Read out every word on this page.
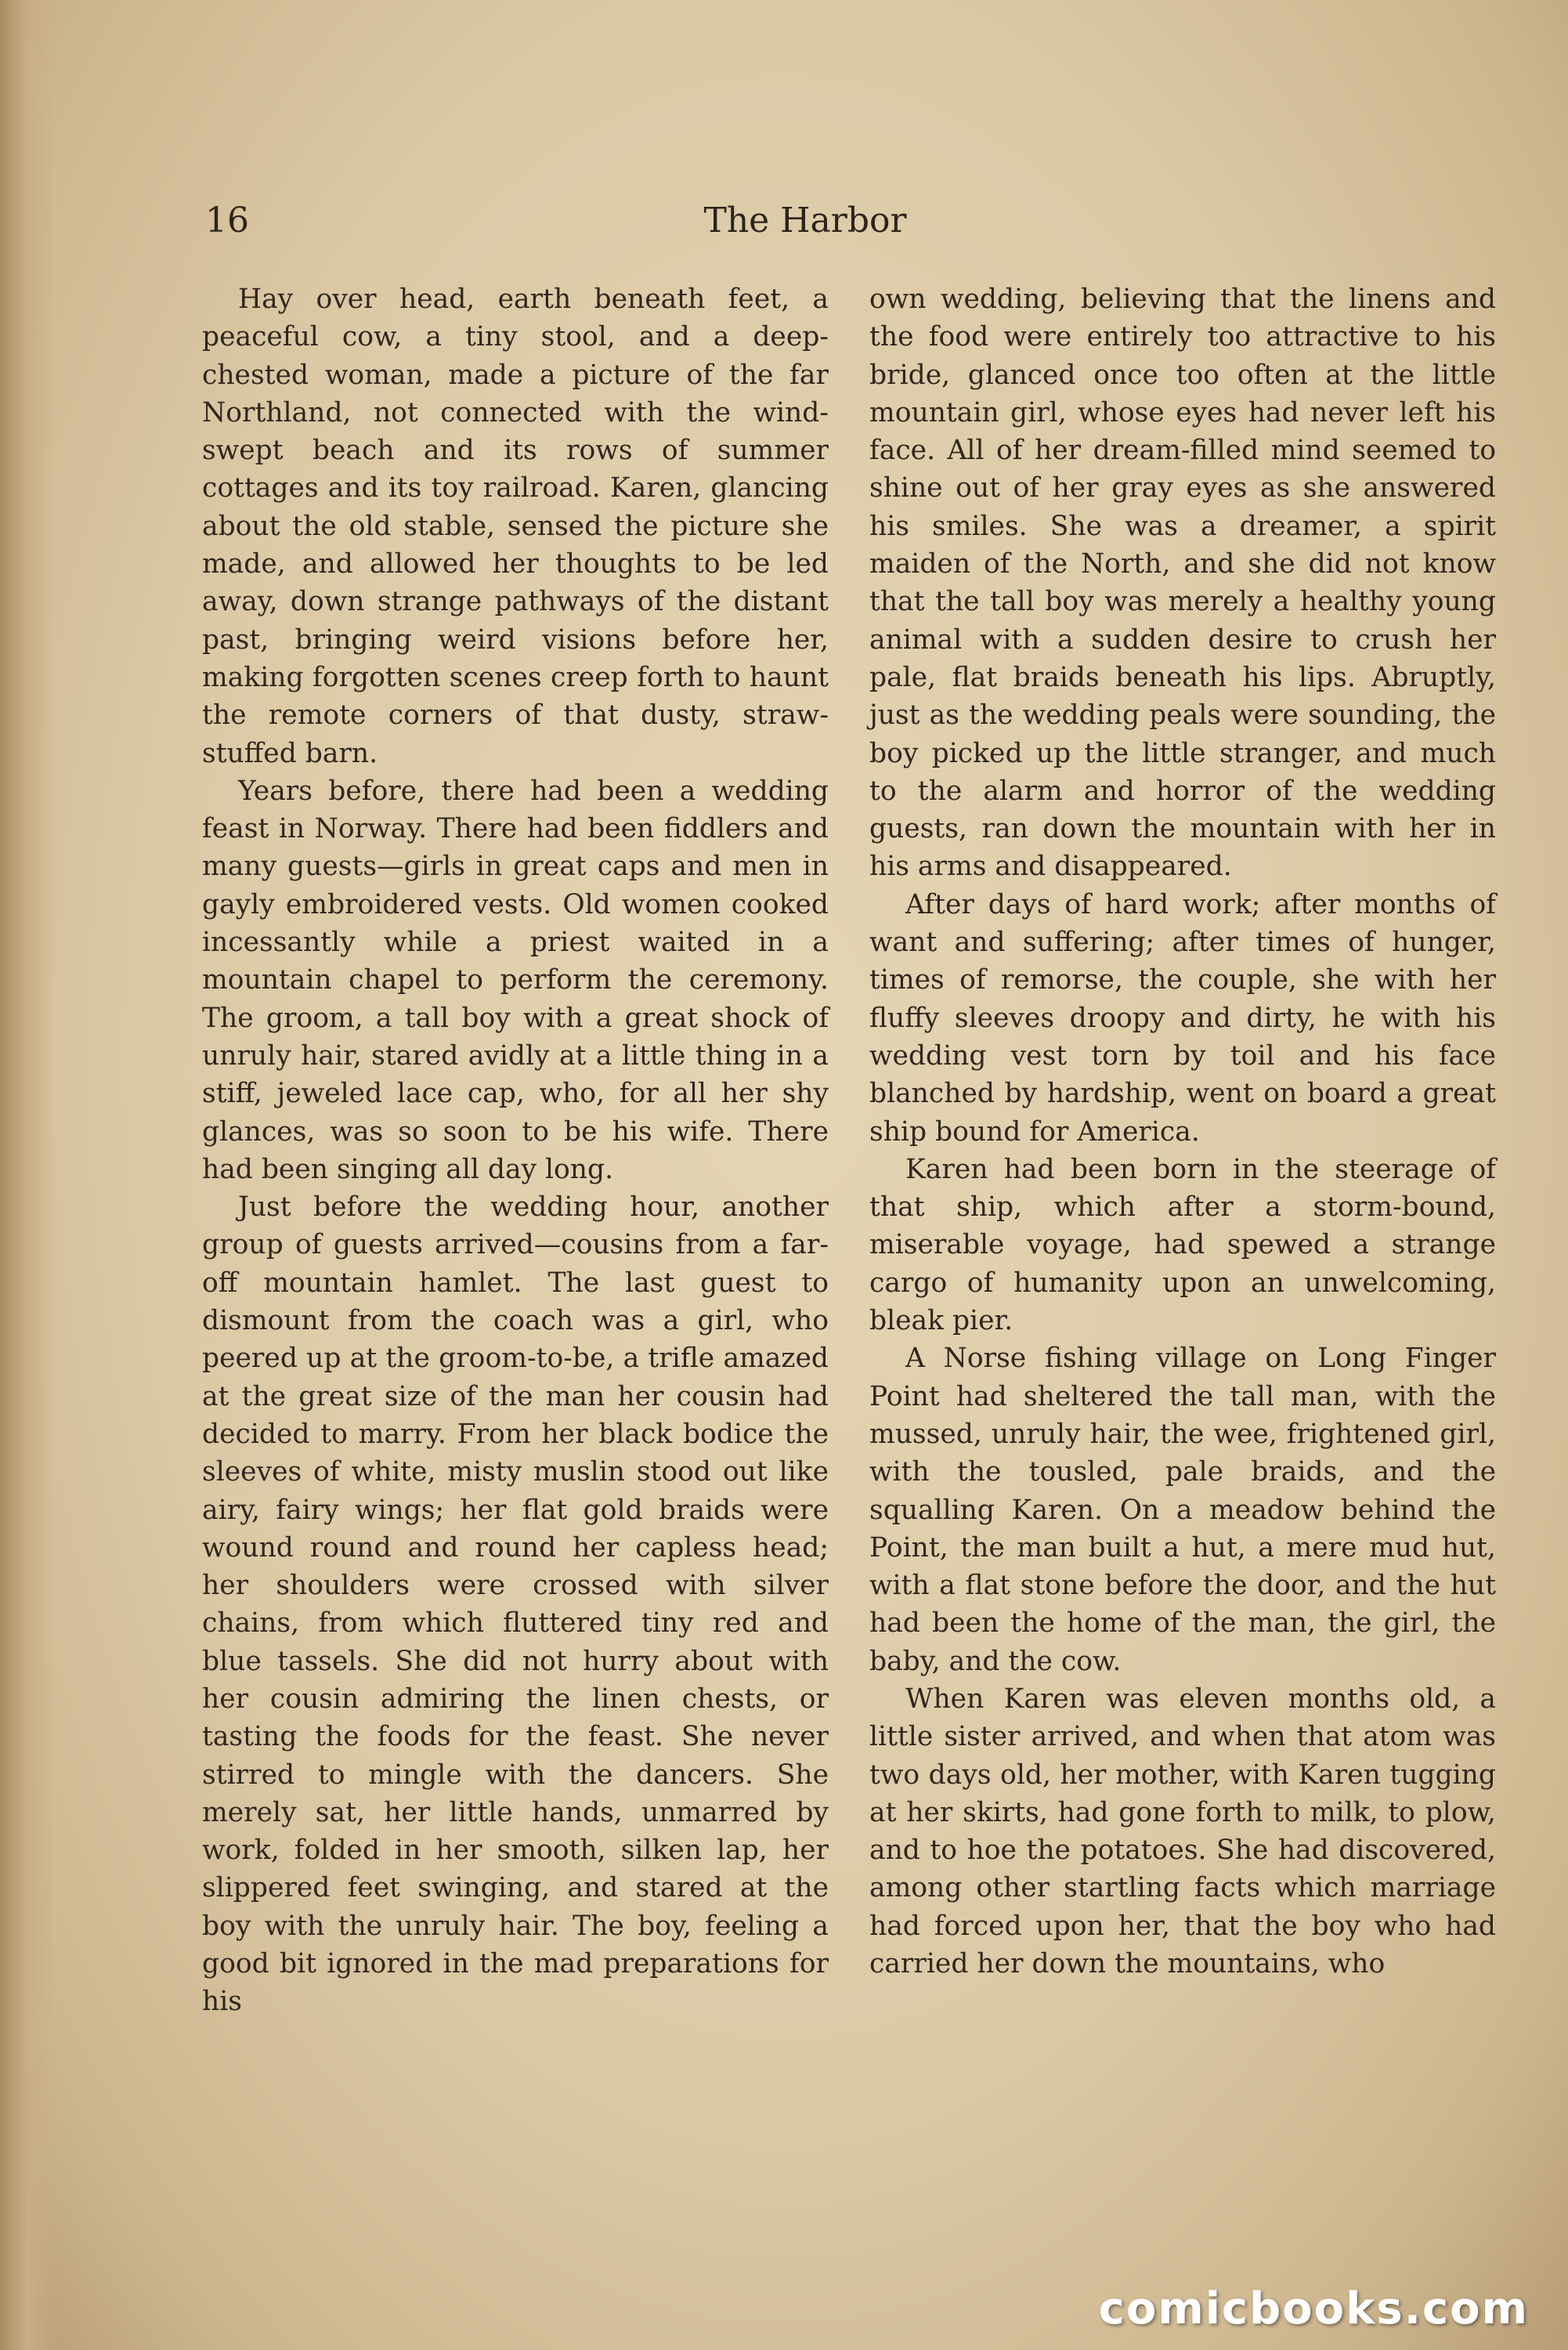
16	The Harbor

Hay over head, earth beneath feet, a peaceful cow, a tiny stool, and a deep-chested woman, made a picture of the far Northland, not connected with the wind-swept beach and its rows of summer cottages and its toy railroad. Karen, glancing about the old stable, sensed the picture she made, and allowed her thoughts to be led away, down strange pathways of the distant past, bringing weird visions before her, making forgotten scenes creep forth to haunt the remote corners of that dusty, straw-stuffed barn.

Years before, there had been a wedding feast in Norway. There had been fiddlers and many guests—girls in great caps and men in gayly embroidered vests. Old women cooked incessantly while a priest waited in a mountain chapel to perform the ceremony. The groom, a tall boy with a great shock of unruly hair, stared avidly at a little thing in a stiff, jeweled lace cap, who, for all her shy glances, was so soon to be his wife. There had been singing all day long.

Just before the wedding hour, another group of guests arrived—cousins from a far-off mountain hamlet. The last guest to dismount from the coach was a girl, who peered up at the groom-to-be, a trifle amazed at the great size of the man her cousin had decided to marry. From her black bodice the sleeves of white, misty muslin stood out like airy, fairy wings; her flat gold braids were wound round and round her capless head; her shoulders were crossed with silver chains, from which fluttered tiny red and blue tassels. She did not hurry about with her cousin admiring the linen chests, or tasting the foods for the feast. She never stirred to mingle with the dancers. She merely sat, her little hands, unmarred by work, folded in her smooth, silken lap, her slippered feet swinging, and stared at the boy with the unruly hair. The boy, feeling a good bit ignored in the mad preparations for his

own wedding, believing that the linens and the food were entirely too attractive to his bride, glanced once too often at the little mountain girl, whose eyes had never left his face. All of her dream-filled mind seemed to shine out of her gray eyes as she answered his smiles. She was a dreamer, a spirit maiden of the North, and she did not know that the tall boy was merely a healthy young animal with a sudden desire to crush her pale, flat braids beneath his lips. Abruptly, just as the wedding peals were sounding, the boy picked up the little stranger, and much to the alarm and horror of the wedding guests, ran down the mountain with her in his arms and disappeared.

After days of hard work; after months of want and suffering; after times of hunger, times of remorse, the couple, she with her fluffy sleeves droopy and dirty, he with his wedding vest torn by toil and his face blanched by hardship, went on board a great ship bound for America.

Karen had been born in the steerage of that ship, which after a storm-bound, miserable voyage, had spewed a strange cargo of humanity upon an unwelcoming, bleak pier.

A Norse fishing village on Long Finger Point had sheltered the tall man, with the mussed, unruly hair, the wee, frightened girl, with the tousled, pale braids, and the squalling Karen. On a meadow behind the Point, the man built a hut, a mere mud hut, with a flat stone before the door, and the hut had been the home of the man, the girl, the baby, and the cow.

When Karen was eleven months old, a little sister arrived, and when that atom was two days old, her mother, with Karen tugging at her skirts, had gone forth to milk, to plow, and to hoe the potatoes. She had discovered, among other startling facts which marriage had forced upon her, that the boy who had carried her down the mountains, who

comicbooks.com
